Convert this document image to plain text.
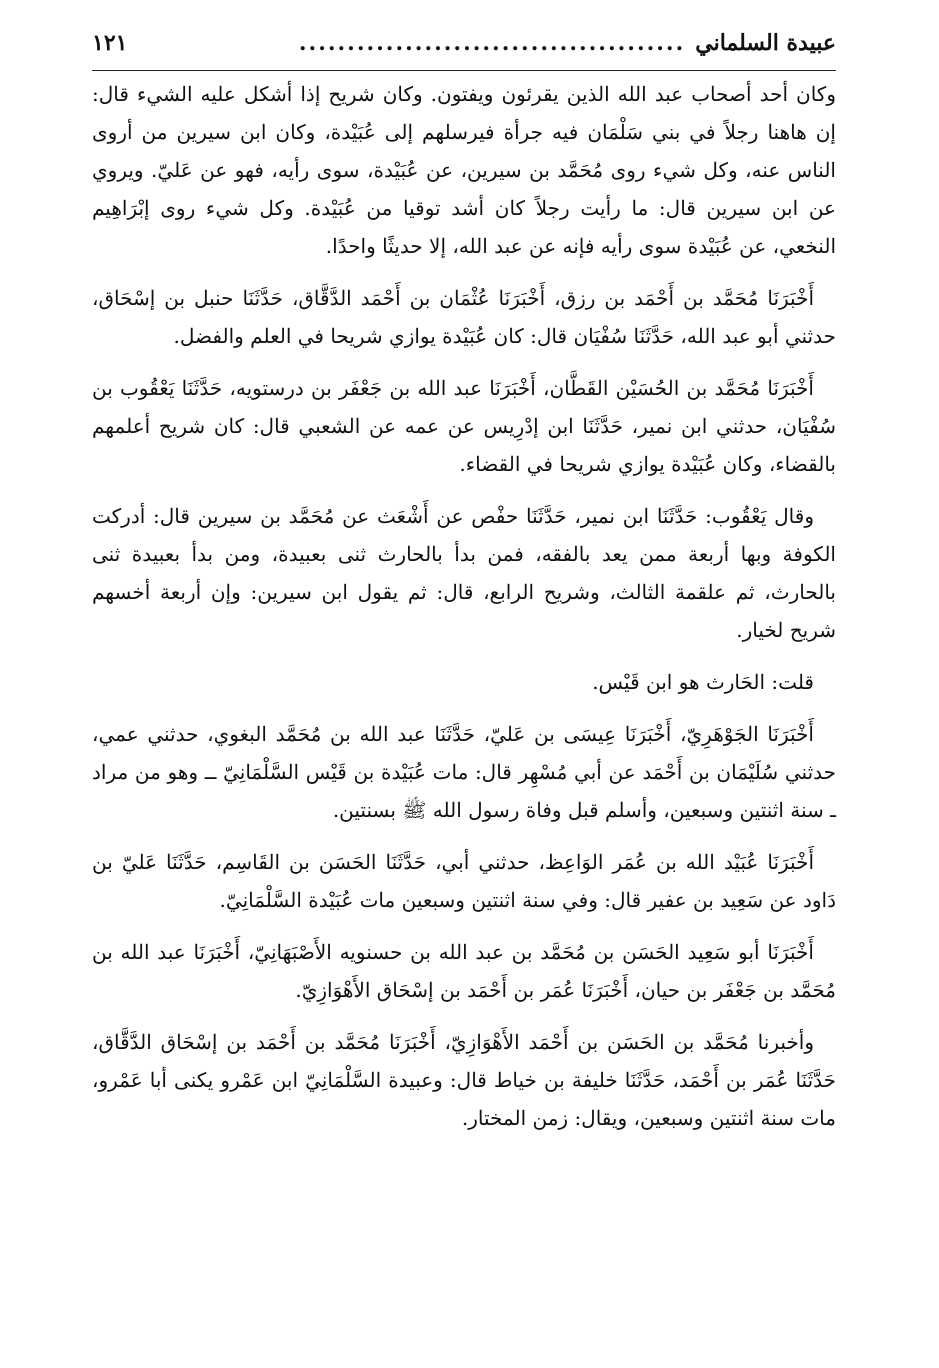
عبيدة السلماني
........................................
١٢١

وكان أحد أصحاب عبد الله الذين يقرئون ويفتون. وكان شريح إذا أشكل عليه الشيء قال: إن هاهنا رجلاً في بني سَلْمَان فيه جرأة فيرسلهم إلى عُبَيْدة، وكان ابن سيرين من أروى الناس عنه، وكل شيء روى مُحَمَّد بن سيرين، عن عُبَيْدة، سوى رأيه، فهو عن عَليّ. ويروي عن ابن سيرين قال: ما رأيت رجلاً كان أشد توقيا من عُبَيْدة. وكل شيء روى إبْرَاهِيم النخعي، عن عُبَيْدة سوى رأيه فإنه عن عبد الله، إلا حديثًا واحدًا.

أَخْبَرَنَا مُحَمَّد بن أَحْمَد بن رزق، أَخْبَرَنَا عُثْمَان بن أَحْمَد الدَّقَّاق، حَدَّثَنَا حنبل بن إسْحَاق، حدثني أبو عبد الله، حَدَّثَنَا سُفْيَان قال: كان عُبَيْدة يوازي شريحا في العلم والفضل.

أَخْبَرَنَا مُحَمَّد بن الحُسَيْن القَطَّان، أَخْبَرَنَا عبد الله بن جَعْفَر بن درستويه، حَدَّثَنَا يَعْقُوب بن سُفْيَان، حدثني ابن نمير، حَدَّثَنَا ابن إدْرِيس عن عمه عن الشعبي قال: كان شريح أعلمهم بالقضاء، وكان عُبَيْدة يوازي شريحا في القضاء.

وقال يَعْقُوب: حَدَّثَنَا ابن نمير، حَدَّثَنَا حفْص عن أَشْعَث عن مُحَمَّد بن سيرين قال: أدركت الكوفة وبها أربعة ممن يعد بالفقه، فمن بدأ بالحارث ثنى بعبيدة، ومن بدأ بعبيدة ثنى بالحارث، ثم علقمة الثالث، وشريح الرابع، قال: ثم يقول ابن سيرين: وإن أربعة أخسهم شريح لخيار.

قلت: الحَارث هو ابن قَيْس.

أَخْبَرَنَا الجَوْهَرِيّ، أَخْبَرَنَا عِيسَى بن عَليّ، حَدَّثَنَا عبد الله بن مُحَمَّد البغوي، حدثني عمي، حدثني سُلَيْمَان بن أَحْمَد عن أبي مُسْهِر قال: مات عُبَيْدة بن قَيْس السَّلْمَانِيّ ــ وهو من مراد ـ سنة اثنتين وسبعين، وأسلم قبل وفاة رسول الله ﷺ بسنتين.

أَخْبَرَنَا عُبَيْد الله بن عُمَر الوَاعِظ، حدثني أبي، حَدَّثَنَا الحَسَن بن القَاسِم، حَدَّثَنَا عَليّ بن دَاود عن سَعِيد بن عفير قال: وفي سنة اثنتين وسبعين مات عُبَيْدة السَّلْمَانِيّ.

أَخْبَرَنَا أبو سَعِيد الحَسَن بن مُحَمَّد بن عبد الله بن حسنويه الأَصْبَهَانِيّ، أَخْبَرَنَا عبد الله بن مُحَمَّد بن جَعْفَر بن حيان، أَخْبَرَنَا عُمَر بن أَحْمَد بن إسْحَاق الأَهْوَازِيّ.

وأخبرنا مُحَمَّد بن الحَسَن بن أَحْمَد الأَهْوَازِيّ، أَخْبَرَنَا مُحَمَّد بن أَحْمَد بن إسْحَاق الدَّقَّاق، حَدَّثَنَا عُمَر بن أَحْمَد، حَدَّثَنَا خليفة بن خياط قال: وعبيدة السَّلْمَانِيّ ابن عَمْرو يكنى أبا عَمْرو، مات سنة اثنتين وسبعين، ويقال: زمن المختار.
